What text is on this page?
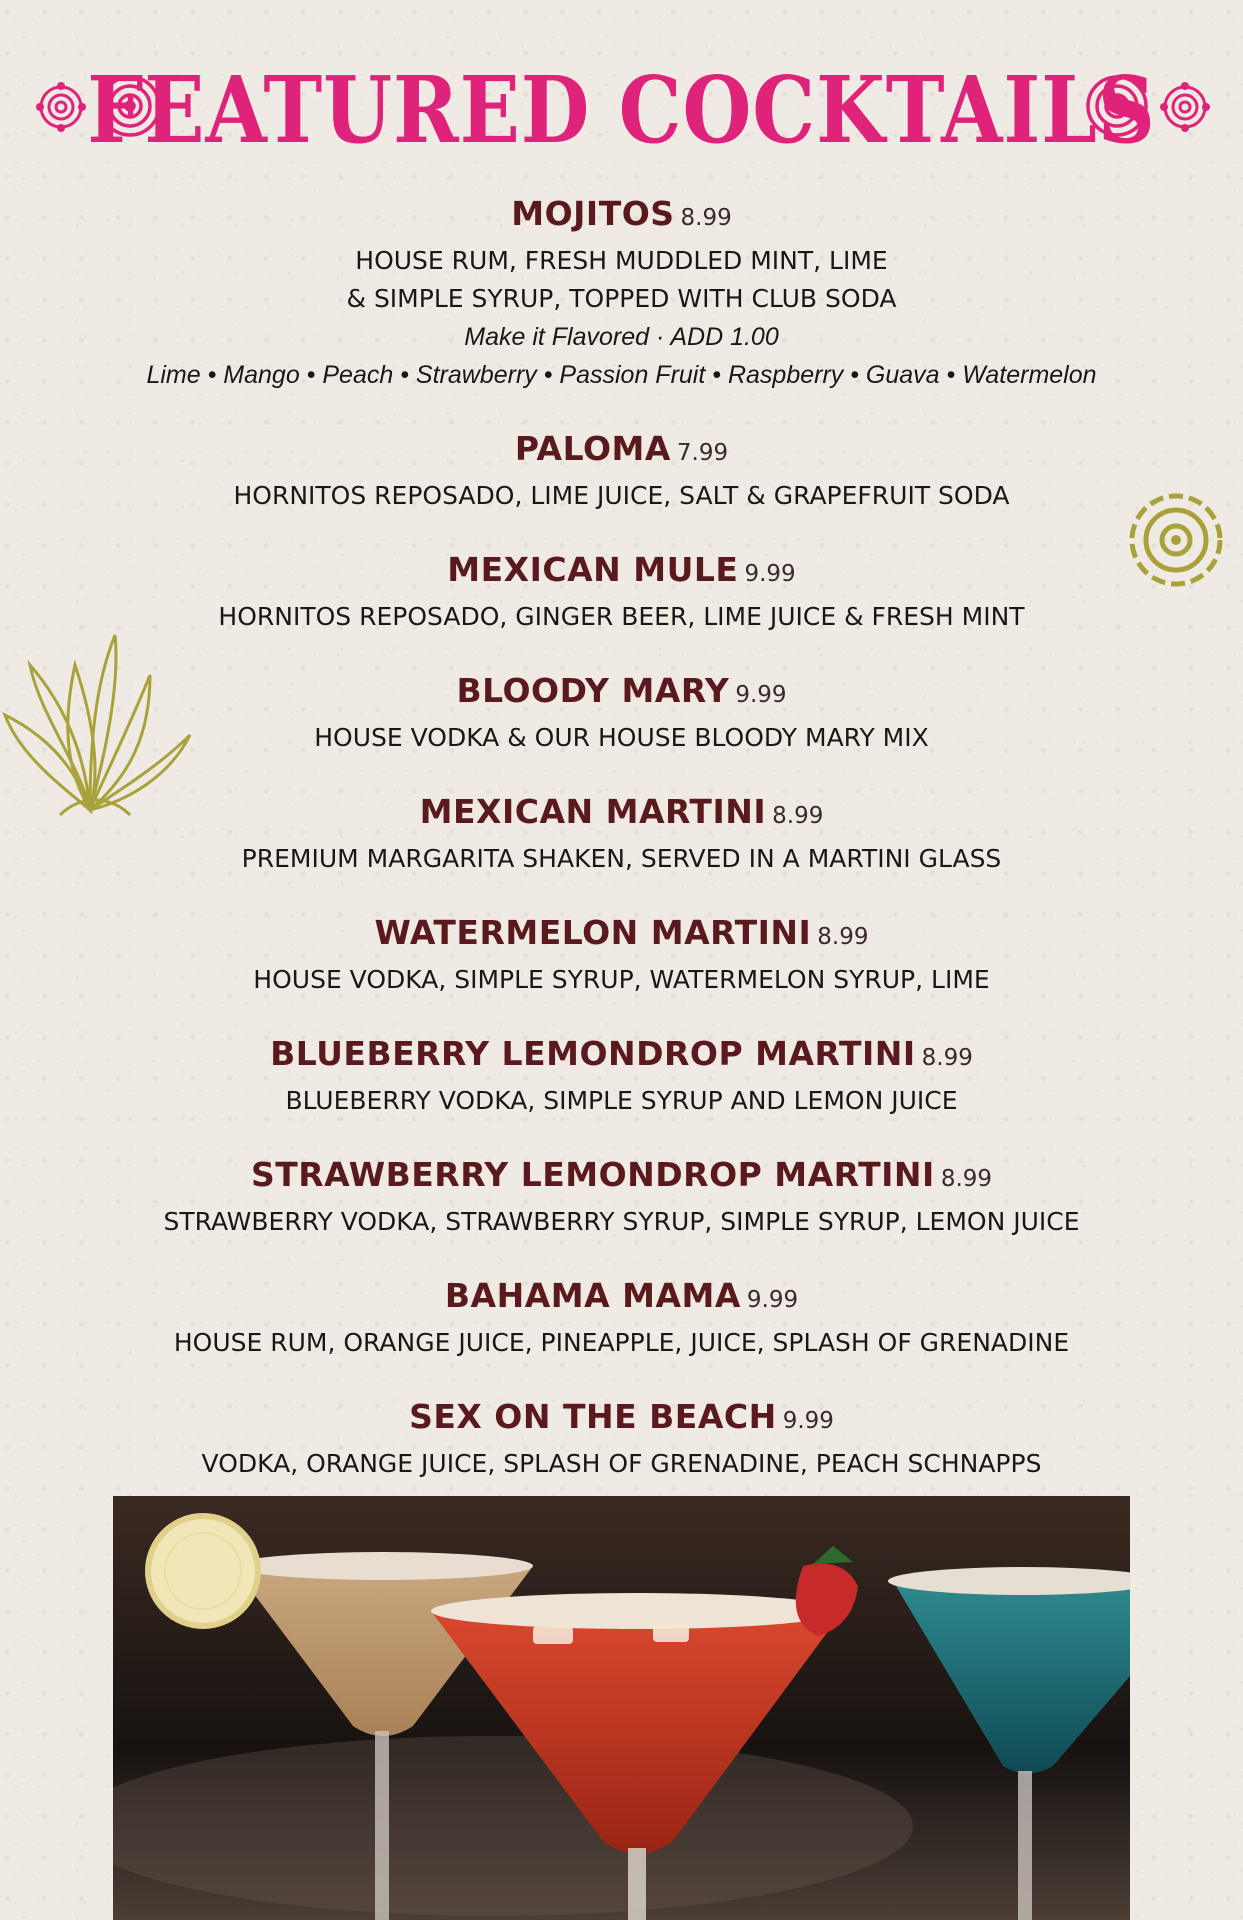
FEATURED COCKTAILS
MOJITOS 8.99
HOUSE RUM, FRESH MUDDLED MINT, LIME
& SIMPLE SYRUP, TOPPED WITH CLUB SODA
Make it Flavored · ADD 1.00
Lime • Mango • Peach • Strawberry • Passion Fruit • Raspberry • Guava • Watermelon
PALOMA 7.99
HORNITOS REPOSADO, LIME JUICE, SALT & GRAPEFRUIT SODA
MEXICAN MULE 9.99
HORNITOS REPOSADO, GINGER BEER, LIME JUICE & FRESH MINT
BLOODY MARY 9.99
HOUSE VODKA & OUR HOUSE BLOODY MARY MIX
MEXICAN MARTINI 8.99
PREMIUM MARGARITA SHAKEN, SERVED IN A MARTINI GLASS
WATERMELON MARTINI 8.99
HOUSE VODKA, SIMPLE SYRUP, WATERMELON SYRUP, LIME
BLUEBERRY LEMONDROP MARTINI 8.99
BLUEBERRY VODKA, SIMPLE SYRUP AND LEMON JUICE
STRAWBERRY LEMONDROP MARTINI 8.99
STRAWBERRY VODKA, STRAWBERRY SYRUP, SIMPLE SYRUP, LEMON JUICE
BAHAMA MAMA 9.99
HOUSE RUM, ORANGE JUICE, PINEAPPLE, JUICE, SPLASH OF GRENADINE
SEX ON THE BEACH 9.99
VODKA, ORANGE JUICE, SPLASH OF GRENADINE, PEACH SCHNAPPS
